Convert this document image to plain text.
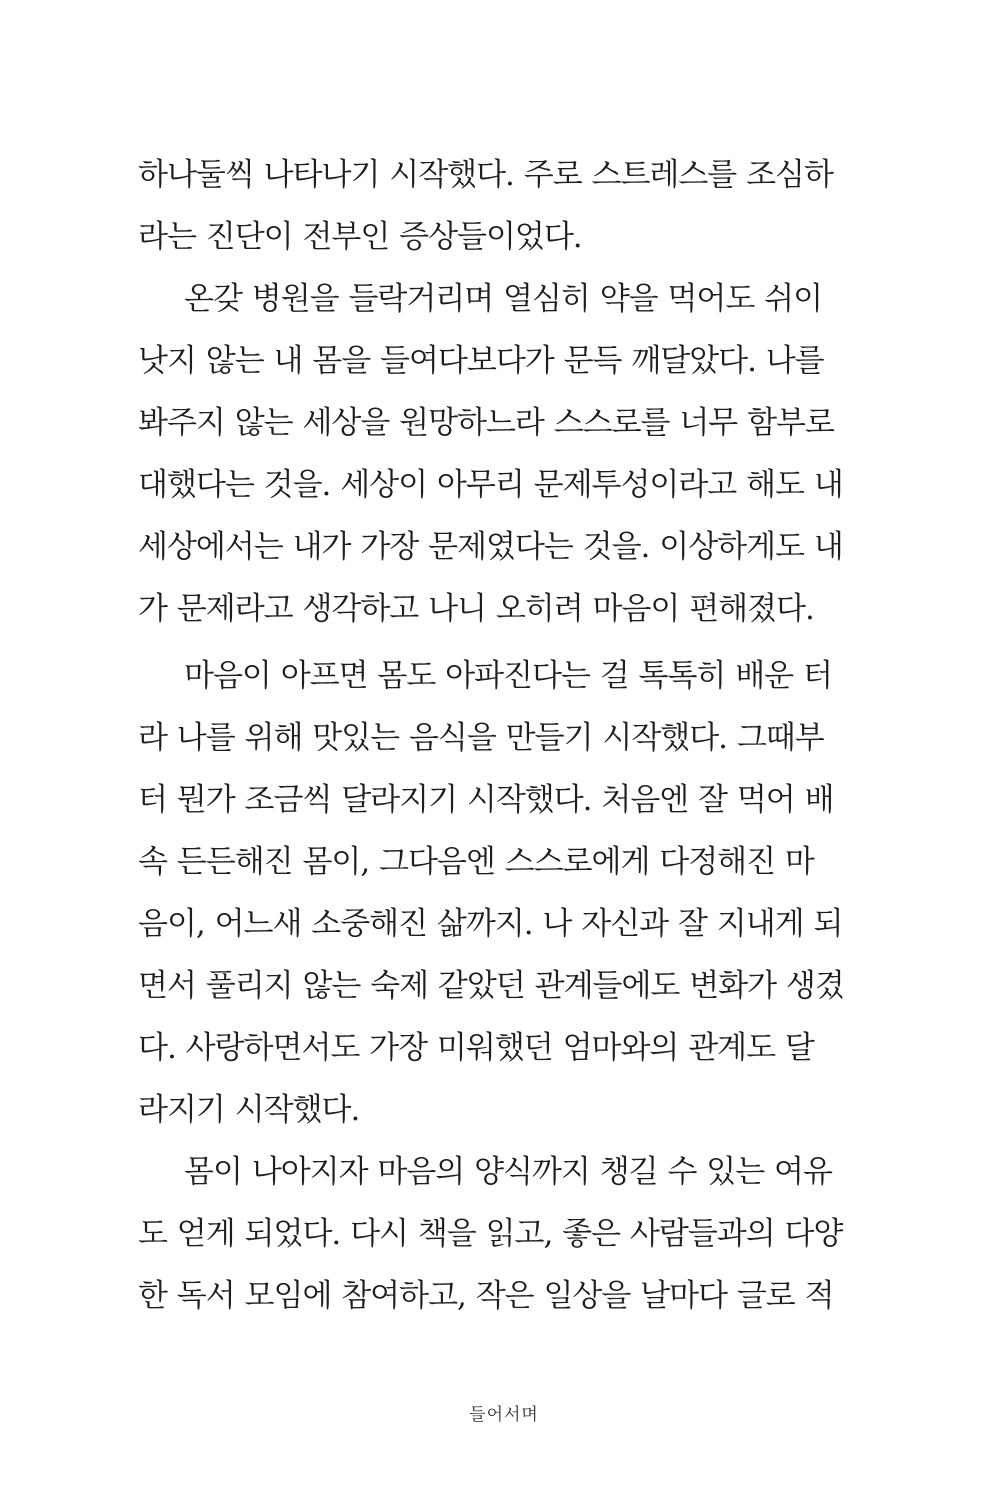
하나둘씩 나타나기 시작했다. 주로 스트레스를 조심하
라는 진단이 전부인 증상들이었다.
온갖 병원을 들락거리며 열심히 약을 먹어도 쉬이
낫지 않는 내 몸을 들여다보다가 문득 깨달았다. 나를
봐주지 않는 세상을 원망하느라 스스로를 너무 함부로
대했다는 것을. 세상이 아무리 문제투성이라고 해도 내
세상에서는 내가 가장 문제였다는 것을. 이상하게도 내
가 문제라고 생각하고 나니 오히려 마음이 편해졌다.
마음이 아프면 몸도 아파진다는 걸 톡톡히 배운 터
라 나를 위해 맛있는 음식을 만들기 시작했다. 그때부
터 뭔가 조금씩 달라지기 시작했다. 처음엔 잘 먹어 배
속 든든해진 몸이, 그다음엔 스스로에게 다정해진 마
음이, 어느새 소중해진 삶까지. 나 자신과 잘 지내게 되
면서 풀리지 않는 숙제 같았던 관계들에도 변화가 생겼
다. 사랑하면서도 가장 미워했던 엄마와의 관계도 달
라지기 시작했다.
몸이 나아지자 마음의 양식까지 챙길 수 있는 여유
도 얻게 되었다. 다시 책을 읽고, 좋은 사람들과의 다양
한 독서 모임에 참여하고, 작은 일상을 날마다 글로 적
들어서며
